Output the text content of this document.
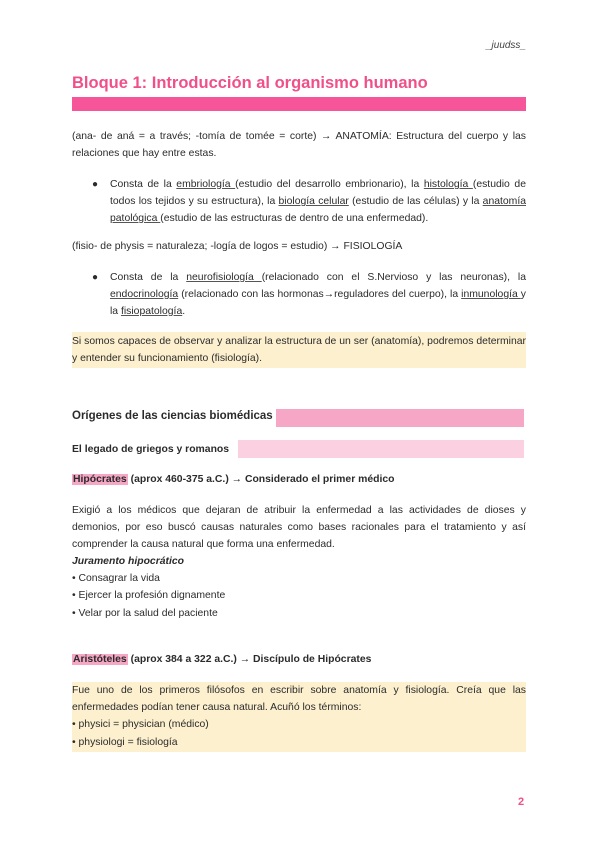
_juudss_
Bloque 1: Introducción al organismo humano
(ana- de aná = a través; -tomía de tomée = corte) → ANATOMÍA: Estructura del cuerpo y las relaciones que hay entre estas.
● Consta de la embriología (estudio del desarrollo embrionario), la histología (estudio de todos los tejidos y su estructura), la biología celular (estudio de las células) y la anatomía patológica (estudio de las estructuras de dentro de una enfermedad).
(fisio- de physis = naturaleza; -logía de logos = estudio) → FISIOLOGÍA
● Consta de la neurofisiología (relacionado con el S.Nervioso y las neuronas), la endocrinología (relacionado con las hormonas→reguladores del cuerpo), la inmunología y la fisiopatología.
Si somos capaces de observar y analizar la estructura de un ser (anatomía), podremos determinar y entender su funcionamiento (fisiología).
Orígenes de las ciencias biomédicas
El legado de griegos y romanos
Hipócrates (aprox 460-375 a.C.) → Considerado el primer médico
Exigió a los médicos que dejaran de atribuir la enfermedad a las actividades de dioses y demonios, por eso buscó causas naturales como bases racionales para el tratamiento y así comprender la causa natural que forma una enfermedad.
Juramento hipocrático
• Consagrar la vida
• Ejercer la profesión dignamente
• Velar por la salud del paciente
Aristóteles (aprox 384 a 322 a.C.) → Discípulo de Hipócrates
Fue uno de los primeros filósofos en escribir sobre anatomía y fisiología. Creía que las enfermedades podían tener causa natural. Acuñó los términos:
• physici = physician (médico)
• physiologi = fisiología
2
